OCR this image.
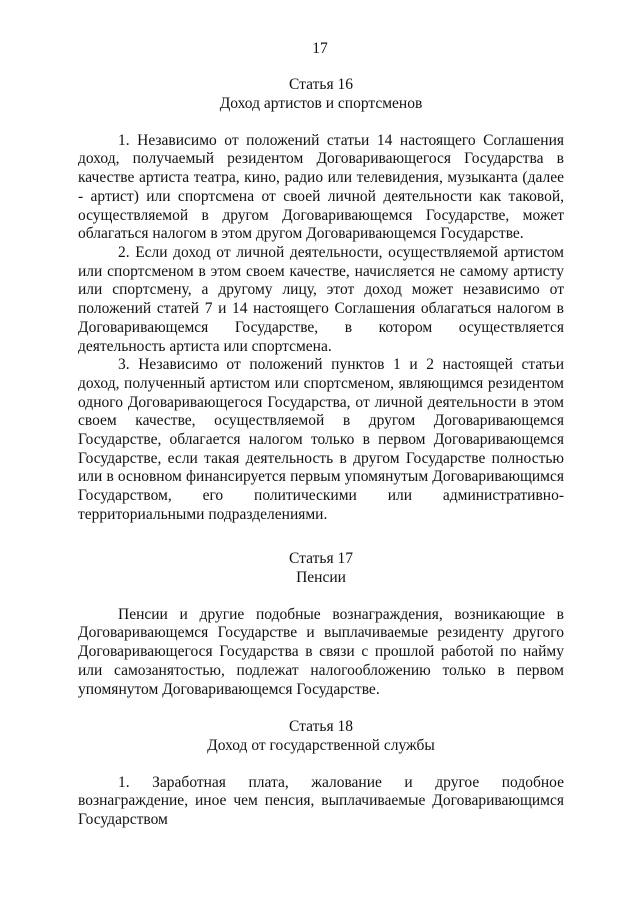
17
Статья 16
Доход артистов и спортсменов

1. Независимо от положений статьи 14 настоящего Соглашения доход, получаемый резидентом Договаривающегося Государства в качестве артиста театра, кино, радио или телевидения, музыканта (далее - артист) или спортсмена от своей личной деятельности как таковой, осуществляемой в другом Договаривающемся Государстве, может облагаться налогом в этом другом Договаривающемся Государстве.

2. Если доход от личной деятельности, осуществляемой артистом или спортсменом в этом своем качестве, начисляется не самому артисту или спортсмену, а другому лицу, этот доход может независимо от положений статей 7 и 14 настоящего Соглашения облагаться налогом в Договаривающемся Государстве, в котором осуществляется деятельность артиста или спортсмена.

3. Независимо от положений пунктов 1 и 2 настоящей статьи доход, полученный артистом или спортсменом, являющимся резидентом одного Договаривающегося Государства, от личной деятельности в этом своем качестве, осуществляемой в другом Договаривающемся Государстве, облагается налогом только в первом Договаривающемся Государстве, если такая деятельность в другом Государстве полностью или в основном финансируется первым упомянутым Договаривающимся Государством, его политическими или административно-территориальными подразделениями.

Статья 17
Пенсии

Пенсии и другие подобные вознаграждения, возникающие в Договаривающемся Государстве и выплачиваемые резиденту другого Договаривающегося Государства в связи с прошлой работой по найму или самозанятостью, подлежат налогообложению только в первом упомянутом Договаривающемся Государстве.

Статья 18
Доход от государственной службы

1. Заработная плата, жалование и другое подобное вознаграждение, иное чем пенсия, выплачиваемые Договаривающимся Государством
